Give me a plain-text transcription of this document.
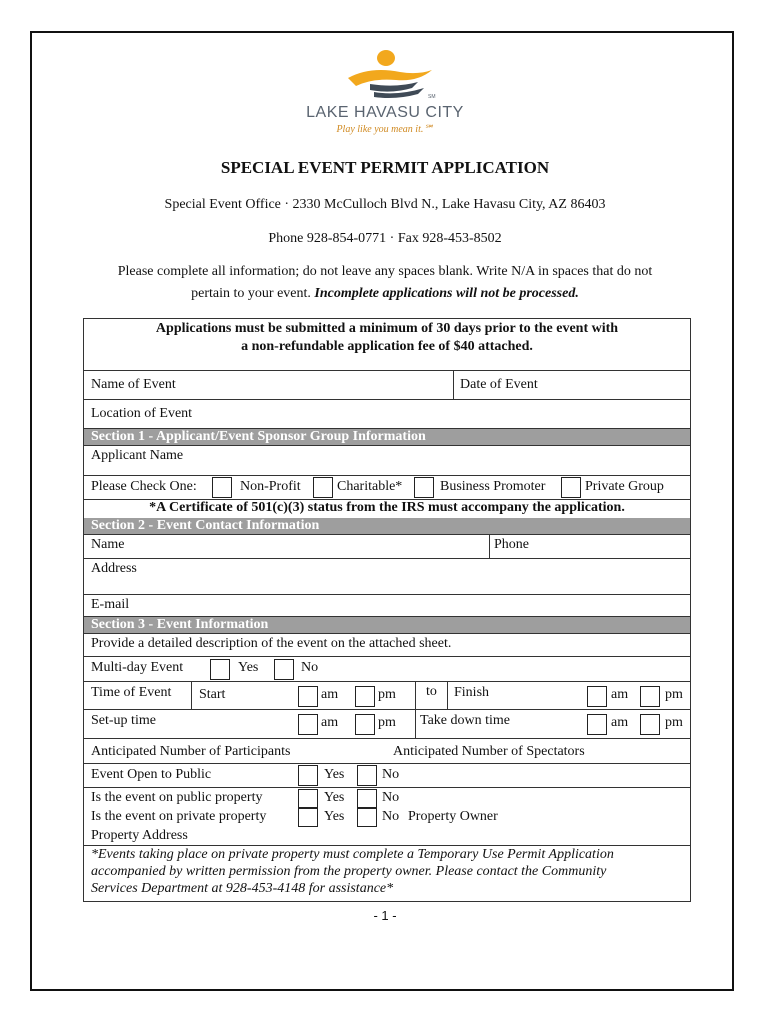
SM
LAKE HAVASU CITY
Play like you mean it.℠
SPECIAL EVENT PERMIT APPLICATION
Special Event Office · 2330 McCulloch Blvd N., Lake Havasu City, AZ 86403
Phone 928-854-0771 · Fax 928-453-8502
Please complete all information; do not leave any spaces blank. Write N/A in spaces that do not
pertain to your event. Incomplete applications will not be processed.
Applications must be submitted a minimum of 30 days prior to the event with
a non-refundable application fee of $40 attached.
Name of Event	Date of Event
Location of Event
Section 1 - Applicant/Event Sponsor Group Information
Applicant Name
Please Check One:	Non-Profit	Charitable*	Business Promoter	Private Group
*A Certificate of 501(c)(3) status from the IRS must accompany the application.
Section 2 - Event Contact Information
Name	Phone
Address
E-mail
Section 3 - Event Information
Provide a detailed description of the event on the attached sheet.
Multi-day Event	Yes	No
Time of Event Start	am	pm to Finish	am	pm
Set-up time	am	pm Take down time	am	pm
Anticipated Number of Participants	Anticipated Number of Spectators
Event Open to Public	Yes	No
Is the event on public property	Yes	No
Is the event on private property	Yes	No Property Owner
Property Address
*Events taking place on private property must complete a Temporary Use Permit Application
accompanied by written permission from the property owner. Please contact the Community
Services Department at 928-453-4148 for assistance*
- 1 -
